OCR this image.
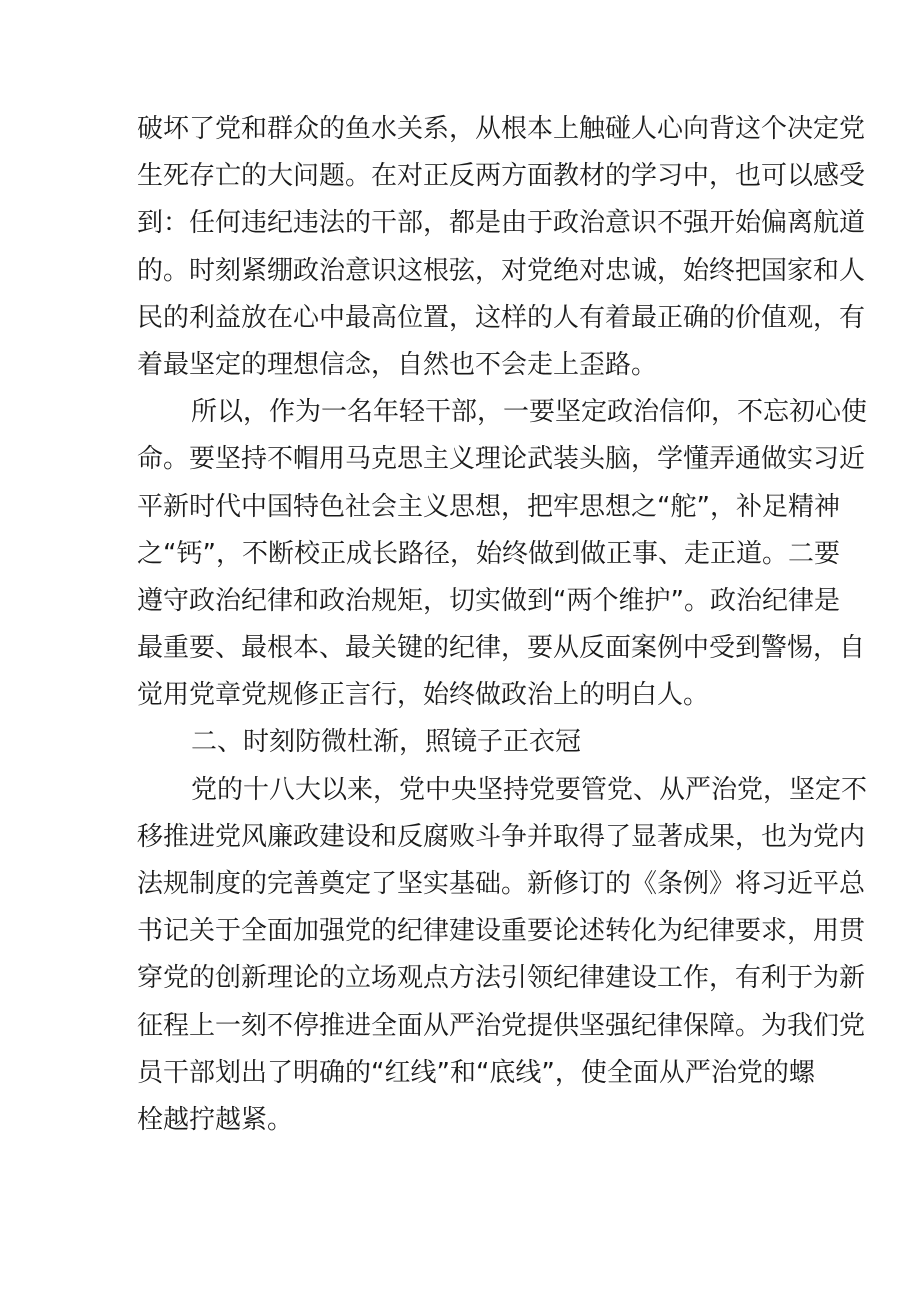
破坏了党和群众的鱼水关系，从根本上触碰人心向背这个决定党
生死存亡的大问题。在对正反两方面教材的学习中，也可以感受
到：任何违纪违法的干部，都是由于政治意识不强开始偏离航道
的。时刻紧绷政治意识这根弦，对党绝对忠诚，始终把国家和人
民的利益放在心中最高位置，这样的人有着最正确的价值观，有
着最坚定的理想信念，自然也不会走上歪路。
所以，作为一名年轻干部，一要坚定政治信仰，不忘初心使
命。要坚持不帽用马克思主义理论武装头脑，学懂弄通做实习近
平新时代中国特色社会主义思想，把牢思想之“舵”，补足精神
之“钙”，不断校正成长路径，始终做到做正事、走正道。二要
遵守政治纪律和政治规矩，切实做到“两个维护”。政治纪律是
最重要、最根本、最关键的纪律，要从反面案例中受到警惕，自
觉用党章党规修正言行，始终做政治上的明白人。
二、时刻防微杜渐，照镜子正衣冠
党的十八大以来，党中央坚持党要管党、从严治党，坚定不
移推进党风廉政建设和反腐败斗争并取得了显著成果，也为党内
法规制度的完善奠定了坚实基础。新修订的《条例》将习近平总
书记关于全面加强党的纪律建设重要论述转化为纪律要求，用贯
穿党的创新理论的立场观点方法引领纪律建设工作，有利于为新
征程上一刻不停推进全面从严治党提供坚强纪律保障。为我们党
员干部划出了明确的“红线”和“底线”，使全面从严治党的螺
栓越拧越紧。
